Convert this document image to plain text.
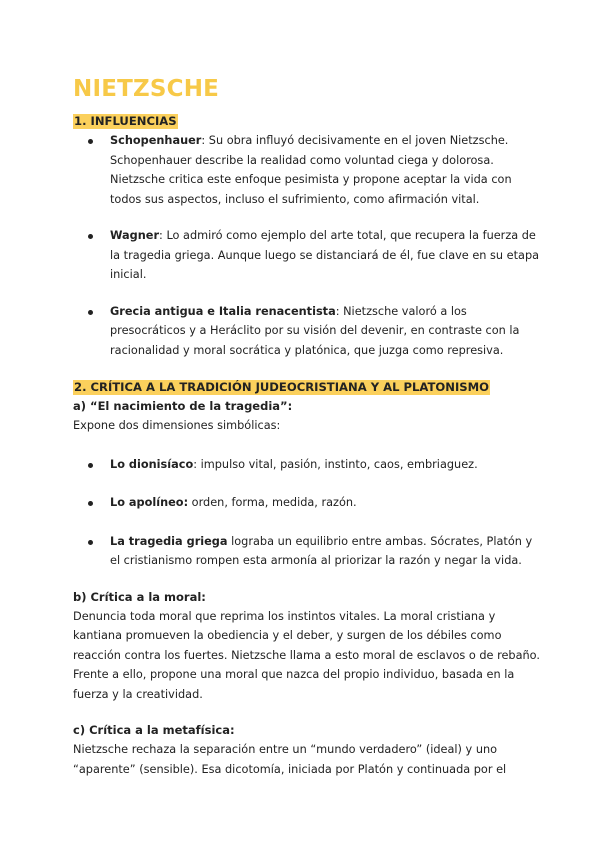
NIETZSCHE
1. INFLUENCIAS
Schopenhauer: Su obra influyó decisivamente en el joven Nietzsche. Schopenhauer describe la realidad como voluntad ciega y dolorosa. Nietzsche critica este enfoque pesimista y propone aceptar la vida con todos sus aspectos, incluso el sufrimiento, como afirmación vital.
Wagner: Lo admiró como ejemplo del arte total, que recupera la fuerza de la tragedia griega. Aunque luego se distanciará de él, fue clave en su etapa inicial.
Grecia antigua e Italia renacentista: Nietzsche valoró a los presocráticos y a Heráclito por su visión del devenir, en contraste con la racionalidad y moral socrática y platónica, que juzga como represiva.
2. CRÍTICA A LA TRADICIÓN JUDEOCRISTIANA Y AL PLATONISMO

a) “El nacimiento de la tragedia”:

Expone dos dimensiones simbólicas:

Lo dionisíaco: impulso vital, pasión, instinto, caos, embriaguez.
Lo apolíneo: orden, forma, medida, razón.
La tragedia griega lograba un equilibrio entre ambas. Sócrates, Platón y el cristianismo rompen esta armonía al priorizar la razón y negar la vida.

b) Crítica a la moral:

Denuncia toda moral que reprima los instintos vitales. La moral cristiana y kantiana promueven la obediencia y el deber, y surgen de los débiles como reacción contra los fuertes. Nietzsche llama a esto moral de esclavos o de rebaño. Frente a ello, propone una moral que nazca del propio individuo, basada en la fuerza y la creatividad.

c) Crítica a la metafísica:

Nietzsche rechaza la separación entre un “mundo verdadero” (ideal) y uno “aparente” (sensible). Esa dicotomía, iniciada por Platón y continuada por el
